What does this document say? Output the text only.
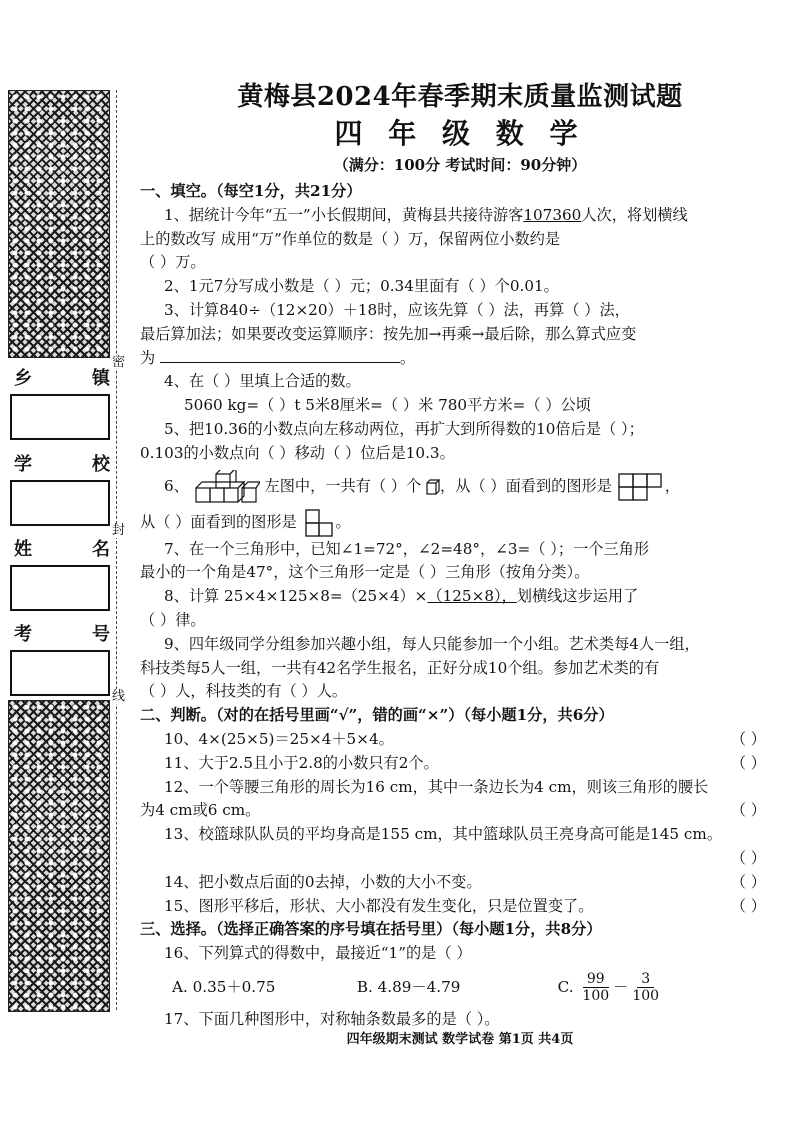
密
封
线
乡	镇
学	校
姓	名
考	号
黄梅县2024年春季期末质量监测试题
四 年 级 数 学
（满分：100分 考试时间：90分钟）
一、填空。（每空1分，共21分）
1、据统计今年“五一”小长假期间，黄梅县共接待游客107360人次，将划横线
上的数改写 成用“万”作单位的数是（ ）万，保留两位小数约是
（ ）万。
2、1元7分写成小数是（ ）元；0.34里面有（ ）个0.01。
3、计算840÷（12×20）＋18时，应该先算（ ）法，再算（ ）法，
最后算加法；如果要改变运算顺序：按先加→再乘→最后除，那么算式应变
为	。
4、在（ ）里填上合适的数。
5060 kg=（ ）t 5米8厘米=（ ）米 780平方米=（ ）公顷
5、把10.36的小数点向左移动两位，再扩大到所得数的10倍后是（ ）；
0.103的小数点向（ ）移动（ ）位后是10.3。
6、	左图中，一共有（ ）个 ，从（ ）面看到的图形是	，
从（ ）面看到的图形是	。
7、在一个三角形中，已知∠1=72°，∠2=48°，∠3=（ ）；一个三角形
最小的一个角是47°，这个三角形一定是（ ）三角形（按角分类）。
8、计算 25×4×125×8=（25×4）×（125×8），划横线这步运用了
（ ）律。
9、四年级同学分组参加兴趣小组，每人只能参加一个小组。艺术类每4人一组，
科技类每5人一组，一共有42名学生报名，正好分成10个组。参加艺术类的有
（ ）人，科技类的有（ ）人。
二、判断。（对的在括号里画“√”，错的画“×”）（每小题1分，共6分）
10、4×(25×5)＝25×4＋5×4。	（ ）
11、大于2.5且小于2.8的小数只有2个。	（ ）
12、一个等腰三角形的周长为16 cm，其中一条边长为4 cm，则该三角形的腰长
为4 cm或6 cm。	（ ）
13、校篮球队队员的平均身高是155 cm，其中篮球队员王亮身高可能是145 cm。
（ ）

14、把小数点后面的0去掉，小数的大小不变。	（ ）
15、图形平移后，形状、大小都没有发生变化，只是位置变了。	（ ）
三、选择。（选择正确答案的序号填在括号里）（每小题1分，共8分）
16、下列算式的得数中，最接近“1”的是（ ）
A. 0.35＋0.75	B. 4.89－4.79	C. $\frac{99}{100} - \frac{3}{100}$
17、下面几种图形中，对称轴条数最多的是（ ）。
四年级期末测试 数学试卷 第1页 共4页
